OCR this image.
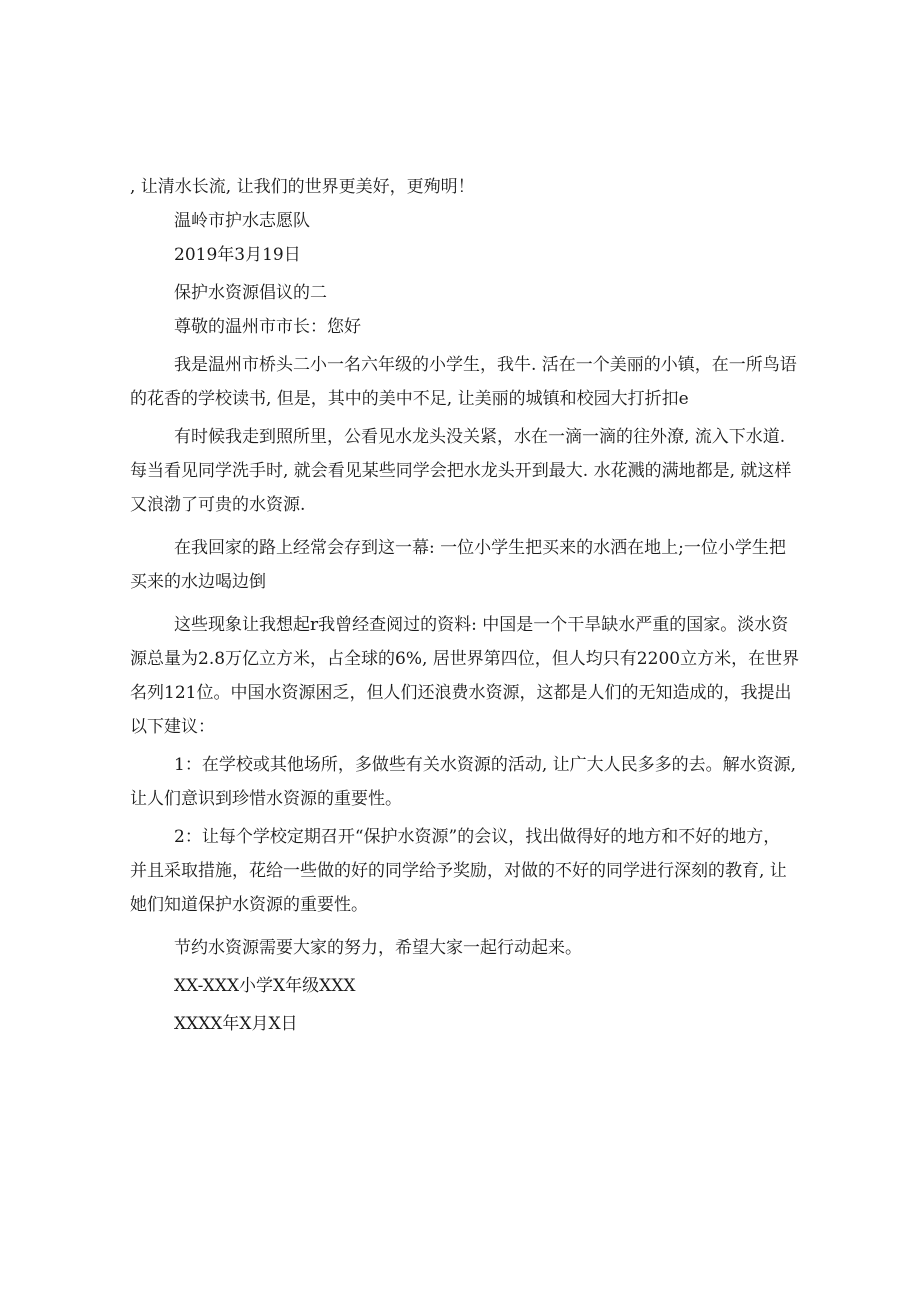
, 让清水长流, 让我们的世界更美好，更殉明！

温岭市护水志愿队

2019年3月19日

保护水资源倡议的二

尊敬的温州市市长：您好

我是温州市桥头二小一名六年级的小学生，我牛. 活在一个美丽的小镇，在一所鸟语

的花香的学校读书, 但是，其中的美中不足, 让美丽的城镇和校园大打折扣e

有时候我走到照所里，公看见水龙头没关紧，水在一滴一滴的往外潦, 流入下水道.

每当看见同学洗手时, 就会看见某些同学会把水龙头开到最大. 水花溅的满地都是, 就这样

又浪渤了可贵的水资源.

在我回家的路上经常会存到这一幕: 一位小学生把买来的水洒在地上;一位小学生把

买来的水边喝边倒

这些现象让我想起r我曾经查阅过的资料: 中国是一个干旱缺水严重的国家。淡水资

源总量为2.8万亿立方米，占全球的6%, 居世界第四位，但人均只有2200立方米，在世界

名列121位。中国水资源困乏，但人们还浪费水资源，这都是人们的无知造成的，我提出

以下建议：

1：在学校或其他场所，多做些有关水资源的活动, 让广大人民多多的去。解水资源,

让人们意识到珍惜水资源的重要性。

2：让每个学校定期召开“保护水资源”的会议，找出做得好的地方和不好的地方，

并且采取措施，花给一些做的好的同学给予奖励，对做的不好的同学进行深刻的教育, 让

她们知道保护水资源的重要性。

节约水资源需要大家的努力，希望大家一起行动起来。

XX-XXX小学X年级XXX

XXXX年X月X日
